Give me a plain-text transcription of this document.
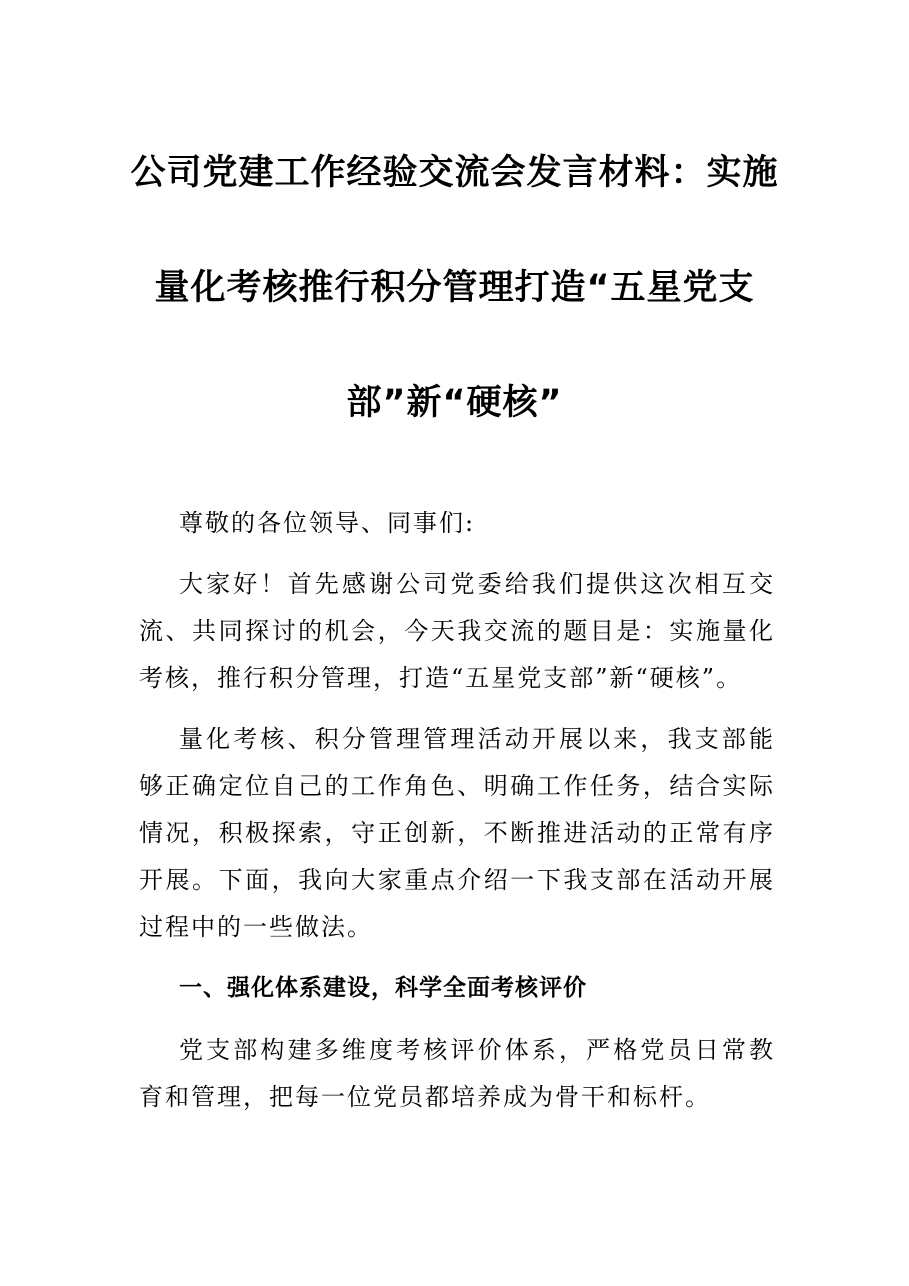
公司党建工作经验交流会发言材料：实施
量化考核推行积分管理打造“五星党支
部”新“硬核”

尊敬的各位领导、同事们:

大家好！首先感谢公司党委给我们提供这次相互交流、共同探讨的机会，今天我交流的题目是：实施量化考核，推行积分管理，打造“五星党支部”新“硬核”。

量化考核、积分管理管理活动开展以来，我支部能够正确定位自己的工作角色、明确工作任务，结合实际情况，积极探索，守正创新，不断推进活动的正常有序开展。下面，我向大家重点介绍一下我支部在活动开展过程中的一些做法。

一、强化体系建设，科学全面考核评价

党支部构建多维度考核评价体系，严格党员日常教育和管理，把每一位党员都培养成为骨干和标杆。
